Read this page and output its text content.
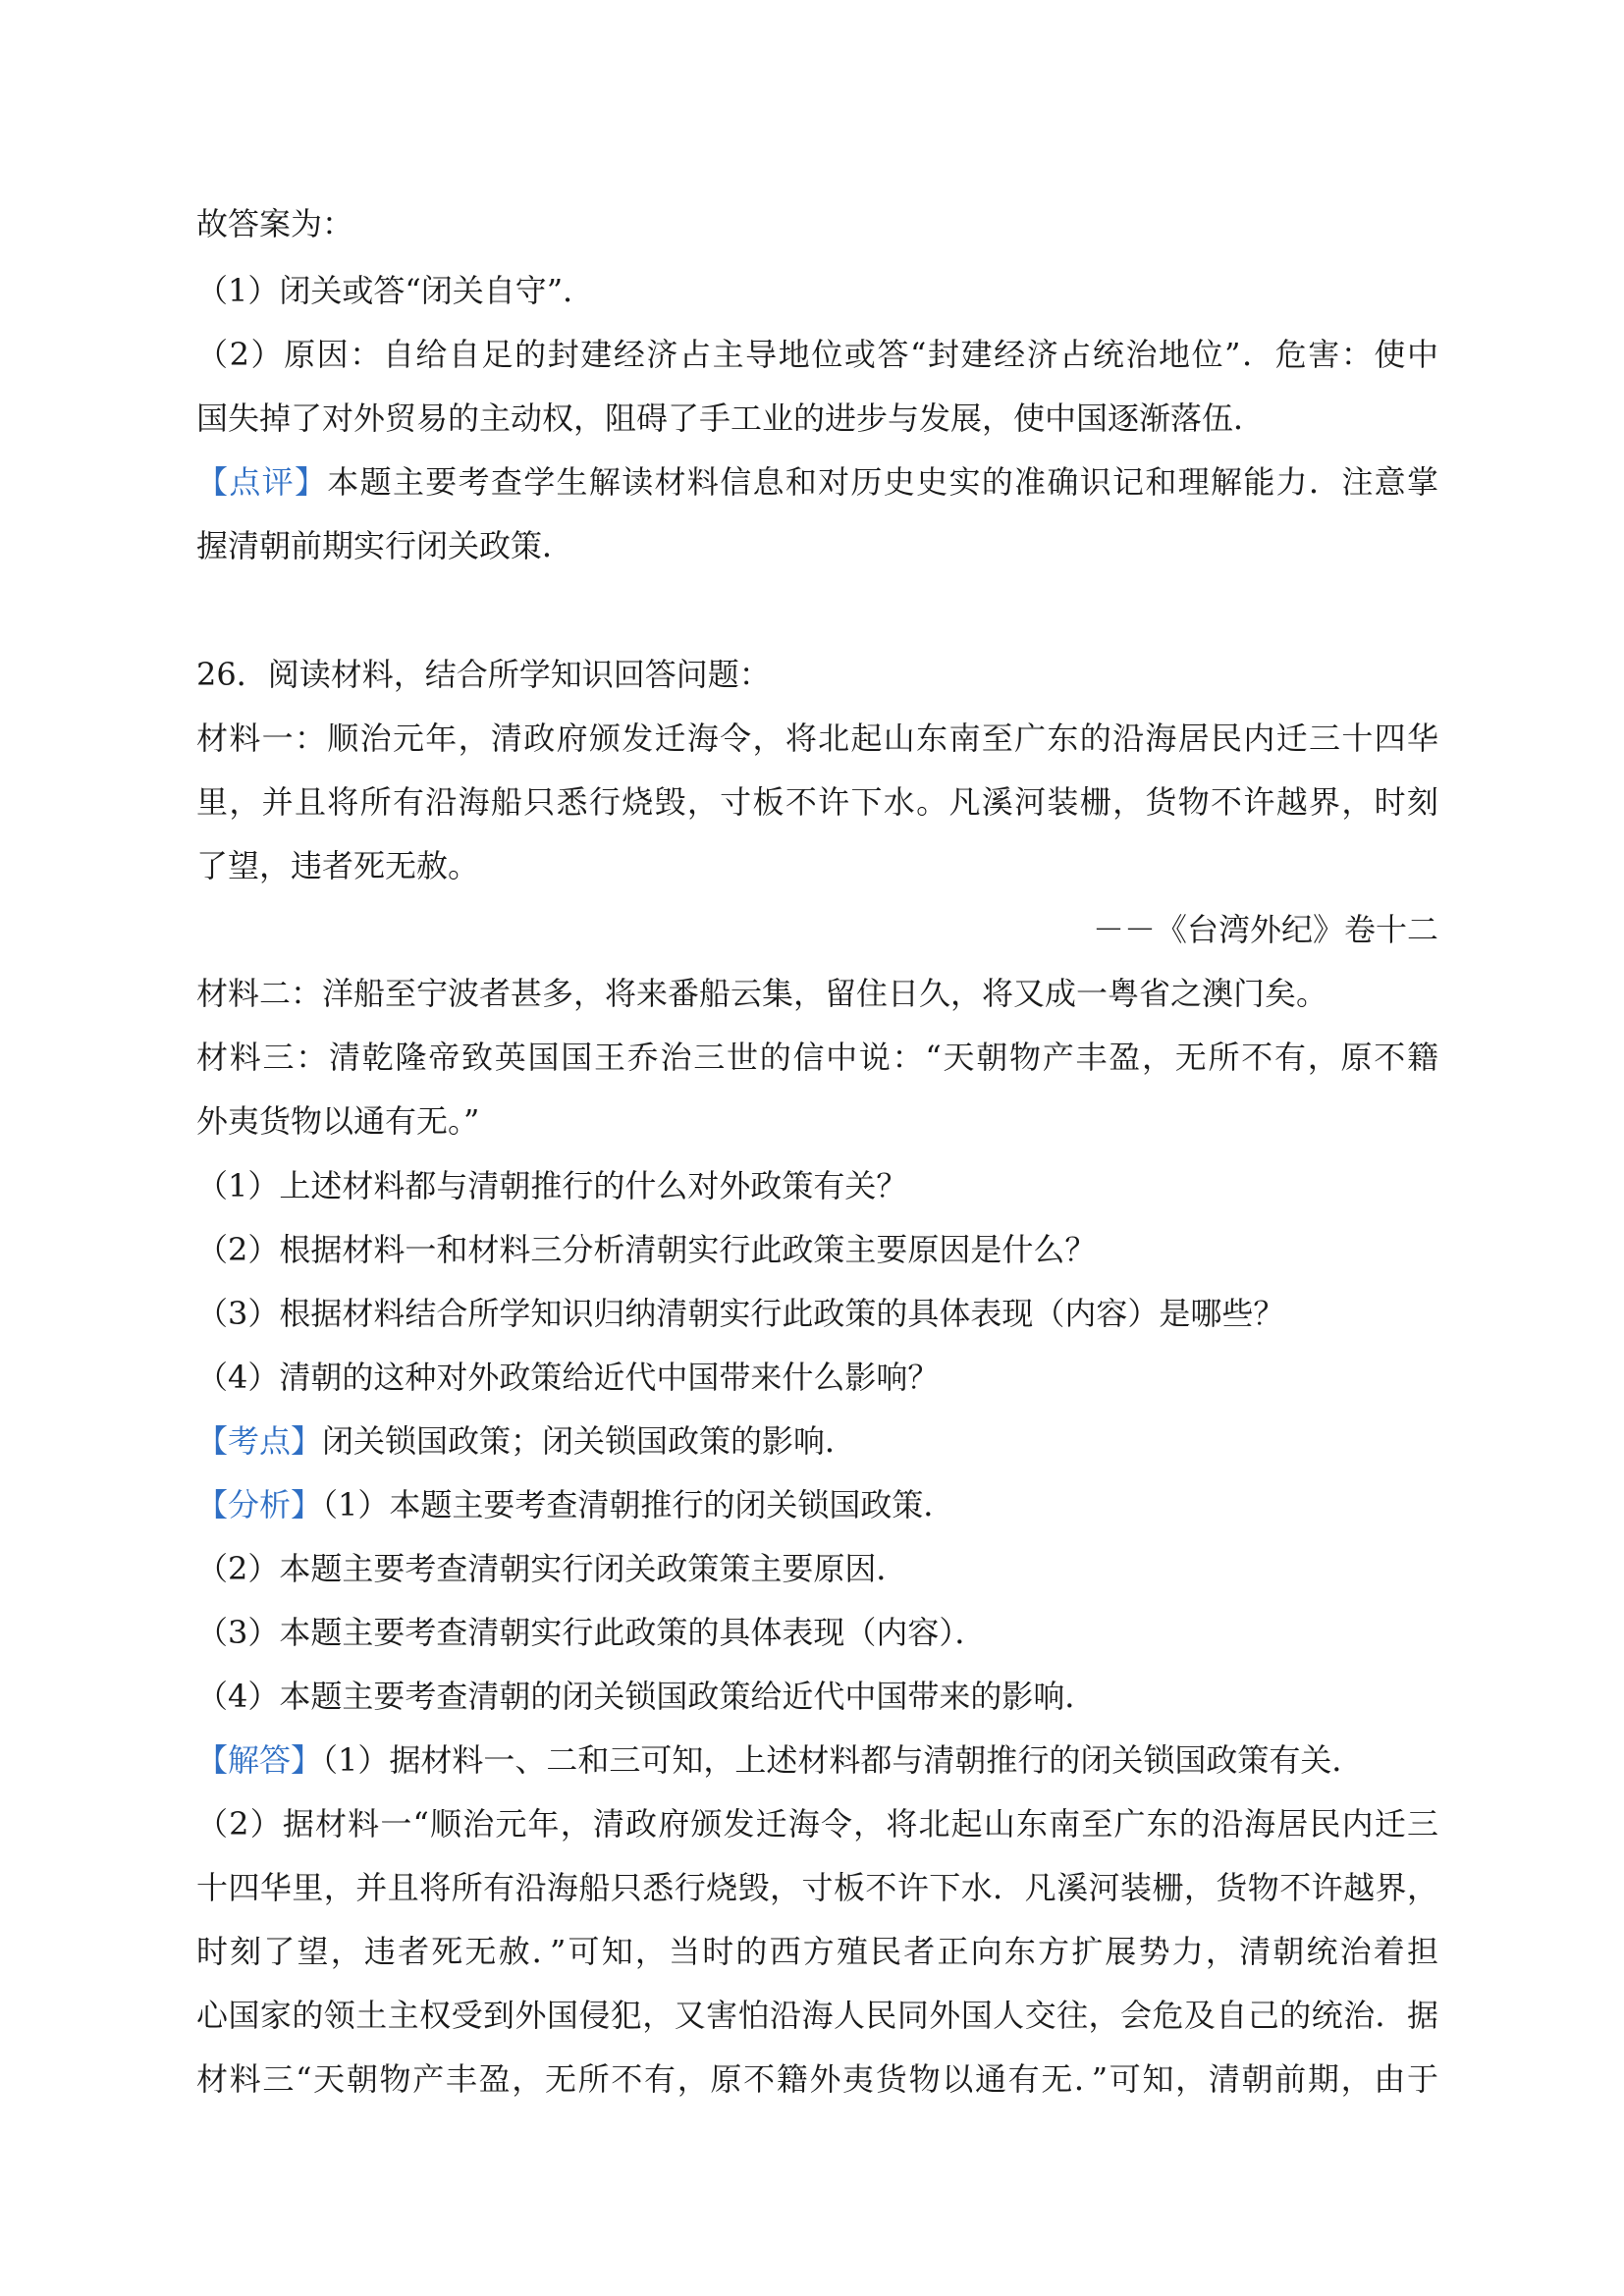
故答案为：
（1）闭关或答“闭关自守”．
（2）原因：自给自足的封建经济占主导地位或答“封建经济占统治地位”．危害：使中
国失掉了对外贸易的主动权，阻碍了手工业的进步与发展，使中国逐渐落伍．
【点评】本题主要考查学生解读材料信息和对历史史实的准确识记和理解能力．注意掌
握清朝前期实行闭关政策．
26．阅读材料，结合所学知识回答问题：
材料一：顺治元年，清政府颁发迁海令，将北起山东南至广东的沿海居民内迁三十四华
里，并且将所有沿海船只悉行烧毁，寸板不许下水。凡溪河装栅，货物不许越界，时刻
了望，违者死无赦。
－－《台湾外纪》卷十二
材料二：洋船至宁波者甚多，将来番船云集，留住日久，将又成一粤省之澳门矣。
材料三：清乾隆帝致英国国王乔治三世的信中说：“天朝物产丰盈，无所不有，原不籍
外夷货物以通有无。”
（1）上述材料都与清朝推行的什么对外政策有关？
（2）根据材料一和材料三分析清朝实行此政策主要原因是什么？
（3）根据材料结合所学知识归纳清朝实行此政策的具体表现（内容）是哪些？
（4）清朝的这种对外政策给近代中国带来什么影响？
【考点】闭关锁国政策；闭关锁国政策的影响．
【分析】（1）本题主要考查清朝推行的闭关锁国政策．
（2）本题主要考查清朝实行闭关政策策主要原因．
（3）本题主要考查清朝实行此政策的具体表现（内容）．
（4）本题主要考查清朝的闭关锁国政策给近代中国带来的影响．
【解答】（1）据材料一、二和三可知，上述材料都与清朝推行的闭关锁国政策有关．
（2）据材料一“顺治元年，清政府颁发迁海令，将北起山东南至广东的沿海居民内迁三
十四华里，并且将所有沿海船只悉行烧毁，寸板不许下水．凡溪河装栅，货物不许越界，
时刻了望，违者死无赦．”可知，当时的西方殖民者正向东方扩展势力，清朝统治着担
心国家的领土主权受到外国侵犯，又害怕沿海人民同外国人交往，会危及自己的统治．据
材料三“天朝物产丰盈，无所不有，原不籍外夷货物以通有无．”可知，清朝前期，由于
